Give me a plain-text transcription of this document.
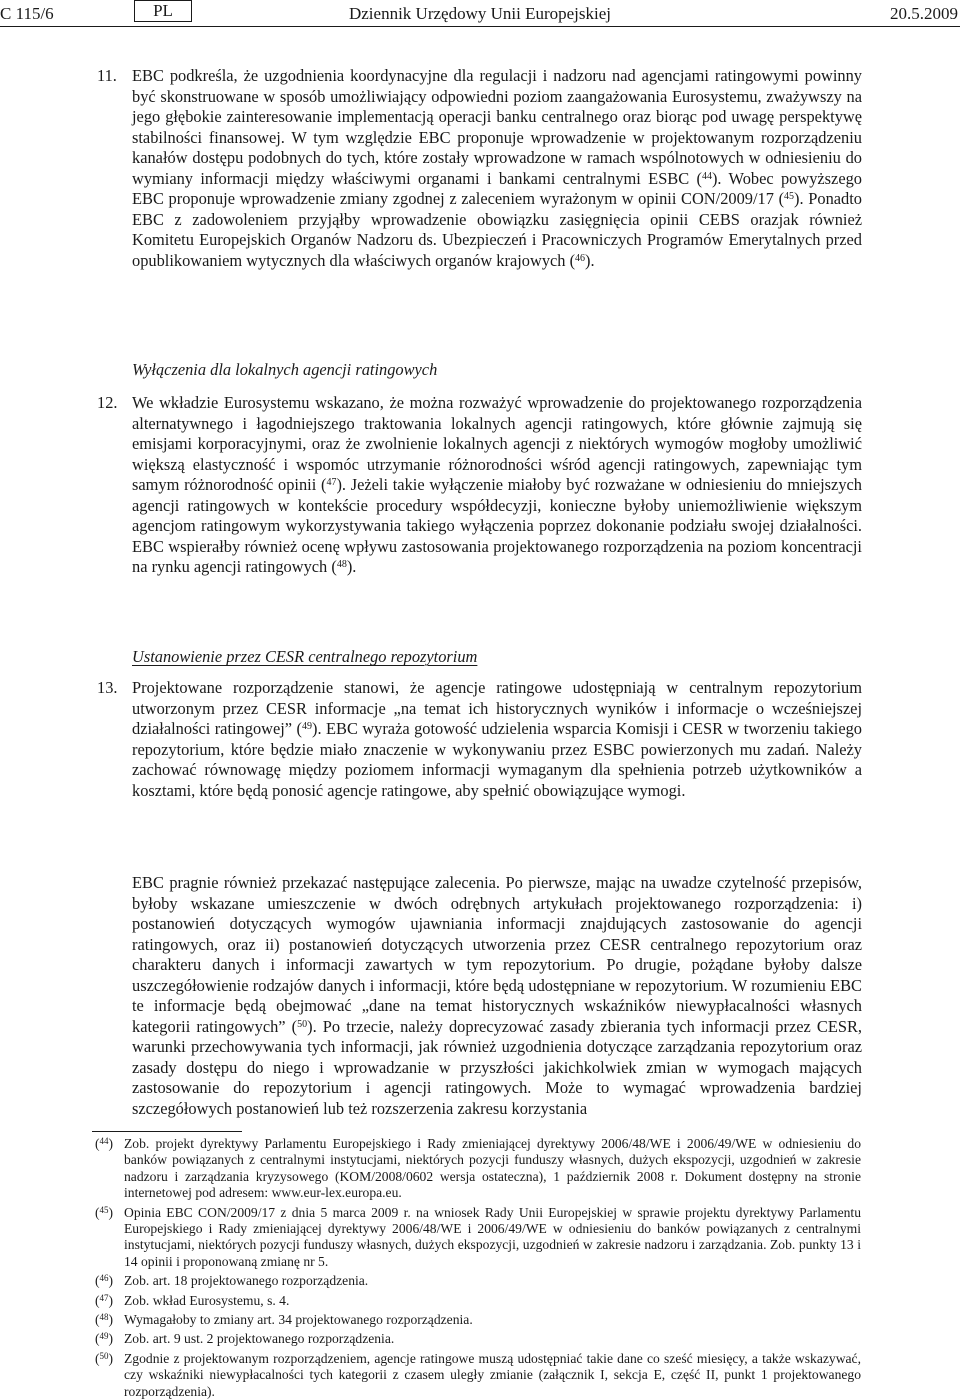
C 115/6	Dziennik Urzędowy Unii Europejskiej
PL	20.5.2009

11. EBC podkreśla, że uzgodnienia koordynacyjne dla regulacji i nadzoru nad agencjami ratingowymi powinny być skonstruowane w sposób umożliwiający odpowiedni poziom zaangażowania Eurosystemu, zważywszy na jego głębokie zainteresowanie implementacją operacji banku centralnego oraz biorąc pod uwagę perspektywę stabilności finansowej. W tym względzie EBC proponuje wprowadzenie w projektowanym rozporządzeniu kanałów dostępu podobnych do tych, które zostały wprowadzone w ramach wspólnotowych w odniesieniu do wymiany informacji między właściwymi organami i bankami centralnymi ESBC ($^{44}$). Wobec powyższego EBC proponuje wprowadzenie zmiany zgodnej z zaleceniem wyrażonym w opinii CON/2009/17 ($^{45}$). Ponadto EBC z zadowoleniem przyjąłby wprowadzenie obowiązku zasięgnięcia opinii CEBS orazjak również Komitetu Europejskich Organów Nadzoru ds. Ubezpieczeń i Pracowniczych Programów Emerytalnych przed opublikowaniem wytycznych dla właściwych organów krajowych ($^{46}$).

Wyłączenia dla lokalnych agencji ratingowych

12. We wkładzie Eurosystemu wskazano, że można rozważyć wprowadzenie do projektowanego rozporządzenia alternatywnego i łagodniejszego traktowania lokalnych agencji ratingowych, które głównie zajmują się emisjami korporacyjnymi, oraz że zwolnienie lokalnych agencji z niektórych wymogów mogłoby umożliwić większą elastyczność i wspomóc utrzymanie różnorodności wśród agencji ratingowych, zapewniając tym samym różnorodność opinii ($^{47}$). Jeżeli takie wyłączenie miałoby być rozważane w odniesieniu do mniejszych agencji ratingowych w kontekście procedury współdecyzji, konieczne byłoby uniemożliwienie większym agencjom ratingowym wykorzystywania takiego wyłączenia poprzez dokonanie podziału swojej działalności. EBC wspierałby również ocenę wpływu zastosowania projektowanego rozporządzenia na poziom koncentracji na rynku agencji ratingowych ($^{48}$).

Ustanowienie przez CESR centralnego repozytorium

13. Projektowane rozporządzenie stanowi, że agencje ratingowe udostępniają w centralnym repozytorium utworzonym przez CESR informacje „na temat ich historycznych wyników i informacje o wcześniejszej działalności ratingowej” ($^{49}$). EBC wyraża gotowość udzielenia wsparcia Komisji i CESR w tworzeniu takiego repozytorium, które będzie miało znaczenie w wykonywaniu przez ESBC powierzonych mu zadań. Należy zachować równowagę między poziomem informacji wymaganym dla spełnienia potrzeb użytkowników a kosztami, które będą ponosić agencje ratingowe, aby spełnić obowiązujące wymogi.

EBC pragnie również przekazać następujące zalecenia. Po pierwsze, mając na uwadze czytelność przepisów, byłoby wskazane umieszczenie w dwóch odrębnych artykułach projektowanego rozporządzenia: i) postanowień dotyczących wymogów ujawniania informacji znajdujących zastosowanie do agencji ratingowych, oraz ii) postanowień dotyczących utworzenia przez CESR centralnego repozytorium oraz charakteru danych i informacji zawartych w tym repozytorium. Po drugie, pożądane byłoby dalsze uszczegółowienie rodzajów danych i informacji, które będą udostępniane w repozytorium. W rozumieniu EBC te informacje będą obejmować „dane na temat historycznych wskaźników niewypłacalności własnych kategorii ratingowych” ($^{50}$). Po trzecie, należy doprecyzować zasady zbierania tych informacji przez CESR, warunki przechowywania tych informacji, jak również uzgodnienia dotyczące zarządzania repozytorium oraz zasady dostępu do niego i wprowadzanie w przyszłości jakichkolwiek zmian w wymogach mających zastosowanie do repozytorium i agencji ratingowych. Może to wymagać wprowadzenia bardziej szczegółowych postanowień lub też rozszerzenia zakresu korzystania

($^{44}$) Zob. projekt dyrektywy Parlamentu Europejskiego i Rady zmieniającej dyrektywy 2006/48/WE i 2006/49/WE w odniesieniu do banków powiązanych z centralnymi instytucjami, niektórych pozycji funduszy własnych, dużych ekspozycji, uzgodnień w zakresie nadzoru i zarządzania kryzysowego (KOM/2008/0602 wersja ostateczna), 1 październik 2008 r. Dokument dostępny na stronie internetowej pod adresem: www.eur-lex.europa.eu.

($^{45}$) Opinia EBC CON/2009/17 z dnia 5 marca 2009 r. na wniosek Rady Unii Europejskiej w sprawie projektu dyrektywy Parlamentu Europejskiego i Rady zmieniającej dyrektywy 2006/48/WE i 2006/49/WE w odniesieniu do banków powiązanych z centralnymi instytucjami, niektórych pozycji funduszy własnych, dużych ekspozycji, uzgodnień w zakresie nadzoru i zarządzania. Zob. punkty 13 i 14 opinii i proponowaną zmianę nr 5.

($^{46}$) Zob. art. 18 projektowanego rozporządzenia.

($^{47}$) Zob. wkład Eurosystemu, s. 4.

($^{48}$) Wymagałoby to zmiany art. 34 projektowanego rozporządzenia.

($^{49}$) Zob. art. 9 ust. 2 projektowanego rozporządzenia.

($^{50}$) Zgodnie z projektowanym rozporządzeniem, agencje ratingowe muszą udostępniać takie dane co sześć miesięcy, a także wskazywać, czy wskaźniki niewypłacalności tych kategorii z czasem uległy zmianie (załącznik I, sekcja E, część II, punkt 1 projektowanego rozporządzenia).
